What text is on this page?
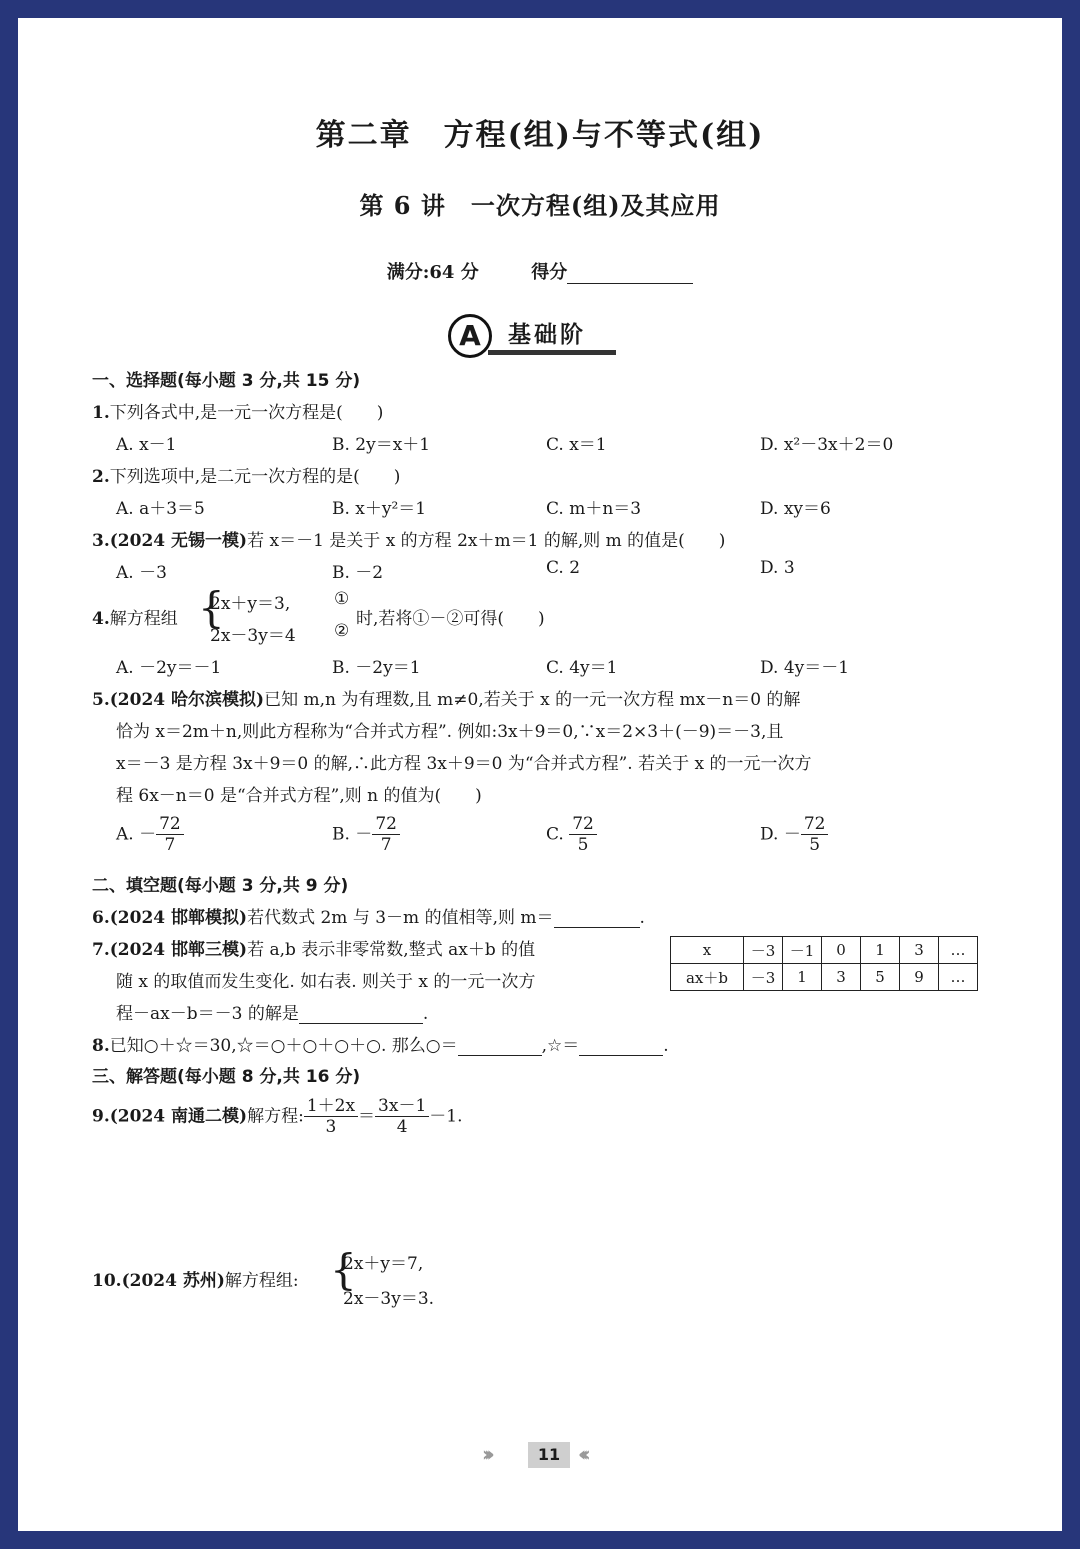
第二章　方程(组)与不等式(组)
第 6 讲　一次方程(组)及其应用
满分:64 分	得分
A	基础阶
一、选择题(每小题 3 分,共 15 分)
1.下列各式中,是一元一次方程是(　　)
A. x－1	B. 2y＝x＋1	C. x＝1	D. x²－3x＋2＝0
2.下列选项中,是二元一次方程的是(　　)
A. a＋3＝5	B. x＋y²＝1	C. m＋n＝3	D. xy＝6
3.(2024 无锡一模)若 x＝－1 是关于 x 的方程 2x＋m＝1 的解,则 m 的值是(　　)
A. －3	B. －2	C. 2	D. 3
4.解方程组 {
2x＋y＝3,	①
2x－3y＝4 ②
时,若将①－②可得(　　)
A. －2y＝－1	B. －2y＝1	C. 4y＝1	D. 4y＝－1
5.(2024 哈尔滨模拟)已知 m,n 为有理数,且 m≠0,若关于 x 的一元一次方程 mx－n＝0 的解
恰为 x＝2m＋n,则此方程称为“合并式方程”. 例如:3x＋9＝0,∵x＝2×3＋(－9)＝－3,且
x＝－3 是方程 3x＋9＝0 的解,∴此方程 3x＋9＝0 为“合并式方程”. 若关于 x 的一元一次方
程 6x－n＝0 是“合并式方程”,则 n 的值为(　　)
A. － $\frac{72}{7}$	B. － $\frac{72}{7}$	C. $\frac{72}{5}$	D. － $\frac{72}{5}$
二、填空题(每小题 3 分,共 9 分)
6.(2024 邯郸模拟)若代数式 2m 与 3－m 的值相等,则 m＝	.
7.(2024 邯郸三模)若 a,b 表示非零常数,整式 ax＋b 的值
随 x 的取值而发生变化. 如右表. 则关于 x 的一元一次方
程－ax－b＝－3 的解是	.
x	－3	－1	0	1	3	…
ax＋b	－3	1	3	5	9	…
8.已知○＋☆＝30,☆＝○＋○＋○＋○. 那么○＝	,☆＝	.
三、解答题(每小题 8 分,共 16 分)
9.(2024 南通二模)解方程: $\frac{1+2x}{3} = \frac{3x-1}{4} -1$.
10.(2024 苏州)解方程组: {
2x＋y＝7,
2x－3y＝3.
›››	11 ‹‹‹
